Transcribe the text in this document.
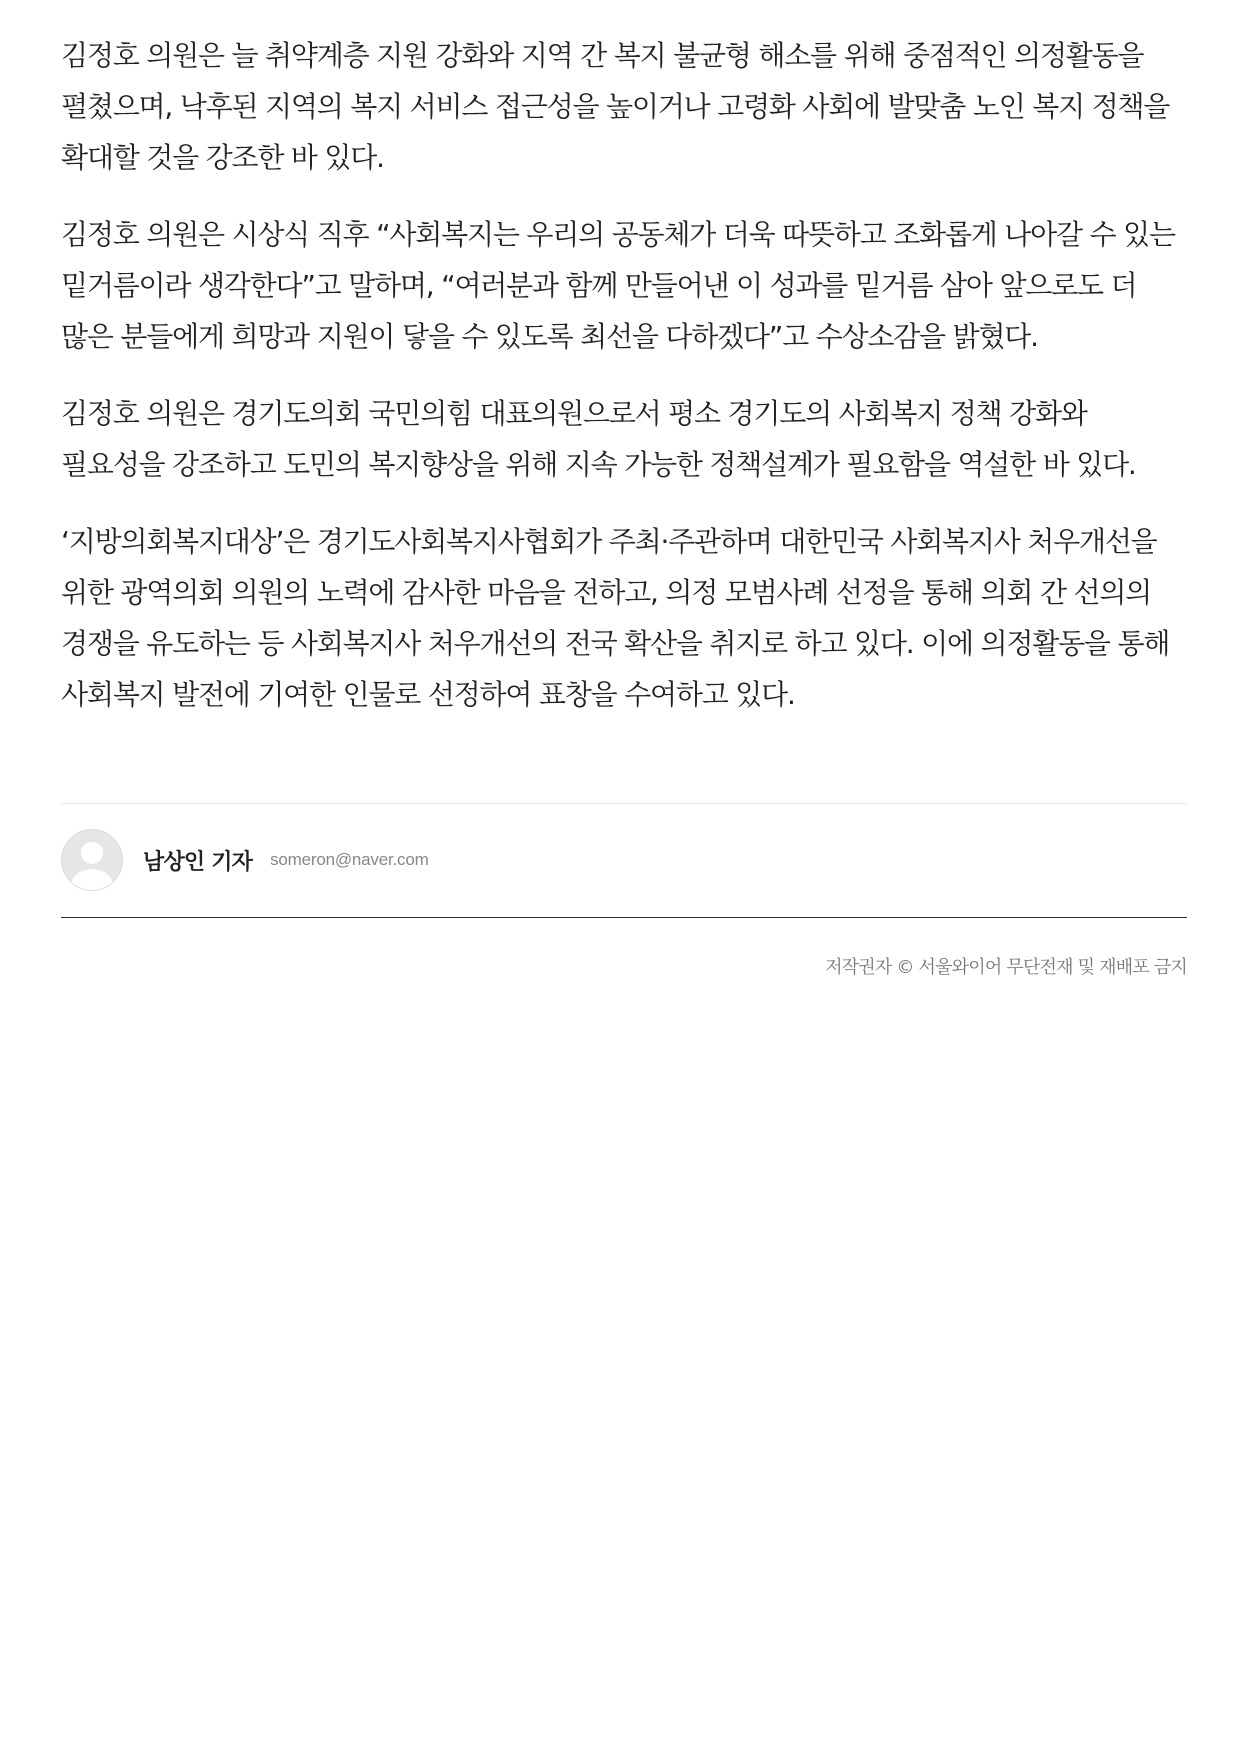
김정호 의원은 늘 취약계층 지원 강화와 지역 간 복지 불균형 해소를 위해 중점적인 의정활동을 펼쳤으며, 낙후된 지역의 복지 서비스 접근성을 높이거나 고령화 사회에 발맞춤 노인 복지 정책을 확대할 것을 강조한 바 있다.

김정호 의원은 시상식 직후 “사회복지는 우리의 공동체가 더욱 따뜻하고 조화롭게 나아갈 수 있는 밑거름이라 생각한다”고 말하며, “여러분과 함께 만들어낸 이 성과를 밑거름 삼아 앞으로도 더 많은 분들에게 희망과 지원이 닿을 수 있도록 최선을 다하겠다”고 수상소감을 밝혔다.

김정호 의원은 경기도의회 국민의힘 대표의원으로서 평소 경기도의 사회복지 정책 강화와 필요성을 강조하고 도민의 복지향상을 위해 지속 가능한 정책설계가 필요함을 역설한 바 있다.

‘지방의회복지대상’은 경기도사회복지사협회가 주최·주관하며 대한민국 사회복지사 처우개선을 위한 광역의회 의원의 노력에 감사한 마음을 전하고, 의정 모범사례 선정을 통해 의회 간 선의의 경쟁을 유도하는 등 사회복지사 처우개선의 전국 확산을 취지로 하고 있다. 이에 의정활동을 통해 사회복지 발전에 기여한 인물로 선정하여 표창을 수여하고 있다.

남상인 기자 someron@naver.com
저작권자 © 서울와이어 무단전재 및 재배포 금지
